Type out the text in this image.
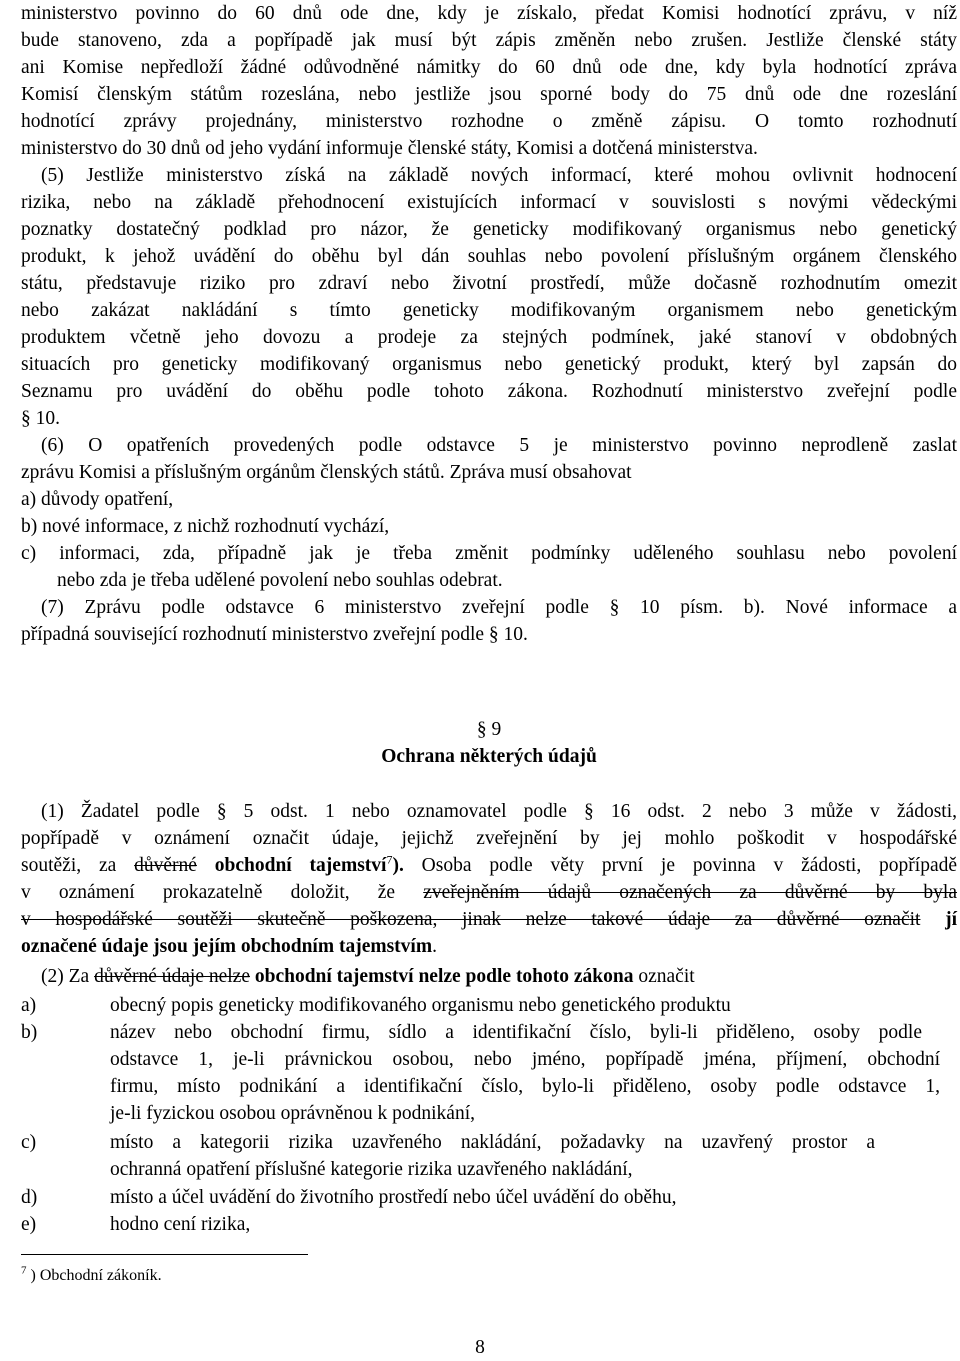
ministerstvo povinno do 60 dnů ode dne, kdy je získalo, předat Komisi hodnotící zprávu, v níž
bude stanoveno, zda a popřípadě jak musí být zápis změněn nebo zrušen. Jestliže členské státy
ani Komise nepředloží žádné odůvodněné námitky do 60 dnů ode dne, kdy byla hodnotící zpráva
Komisí členským státům rozeslána, nebo jestliže jsou sporné body do 75 dnů ode dne rozeslání
hodnotící zprávy projednány, ministerstvo rozhodne o změně zápisu. O tomto rozhodnutí
ministerstvo do 30 dnů od jeho vydání informuje členské státy, Komisi a dotčená ministerstva.
(5) Jestliže ministerstvo získá na základě nových informací, které mohou ovlivnit hodnocení
rizika, nebo na základě přehodnocení existujících informací v souvislosti s novými vědeckými
poznatky dostatečný podklad pro názor, že geneticky modifikovaný organismus nebo genetický
produkt, k jehož uvádění do oběhu byl dán souhlas nebo povolení příslušným orgánem členského
státu, představuje riziko pro zdraví nebo životní prostředí, může dočasně rozhodnutím omezit
nebo zakázat nakládání s tímto geneticky modifikovaným organismem nebo genetickým
produktem včetně jeho dovozu a prodeje za stejných podmínek, jaké stanoví v obdobných
situacích pro geneticky modifikovaný organismus nebo genetický produkt, který byl zapsán do
Seznamu pro uvádění do oběhu podle tohoto zákona. Rozhodnutí ministerstvo zveřejní podle
§ 10.
(6) O opatřeních provedených podle odstavce 5 je ministerstvo povinno neprodleně zaslat
zprávu Komisi a příslušným orgánům členských států. Zpráva musí obsahovat
a) důvody opatření,
b) nové informace, z nichž rozhodnutí vychází,
c) informaci, zda, případně jak je třeba změnit podmínky uděleného souhlasu nebo povolení
nebo zda je třeba udělené povolení nebo souhlas odebrat.
(7) Zprávu podle odstavce 6 ministerstvo zveřejní podle § 10 písm. b). Nové informace a
případná související rozhodnutí ministerstvo zveřejní podle § 10.
§ 9
Ochrana některých údajů
(1) Žadatel podle § 5 odst. 1 nebo oznamovatel podle § 16 odst. 2 nebo 3 může v žádosti,
popřípadě v oznámení označit údaje, jejichž zveřejnění by jej mohlo poškodit v hospodářské
soutěži, za důvěrné obchodní tajemství$^7$). Osoba podle věty první je povinna v žádosti, popřípadě
v oznámení prokazatelně doložit, že zveřejněním údajů označených za důvěrné by byla
v hospodářské soutěži skutečně poškozena, jinak nelze takové údaje za důvěrné označit jí
označené údaje jsou jejím obchodním tajemstvím.
(2) Za důvěrné údaje nelze obchodní tajemství nelze podle tohoto zákona označit
a)	obecný popis geneticky modifikovaného organismu nebo genetického produktu
b)	název nebo obchodní firmu, sídlo a identifikační číslo, byli-li přiděleno, osoby podle
odstavce 1, je-li právnickou osobou, nebo jméno, popřípadě jména, příjmení, obchodní
firmu, místo podnikání a identifikační číslo, bylo-li přiděleno, osoby podle odstavce 1,
je-li fyzickou osobou oprávněnou k podnikání,
c)	místo a kategorii rizika uzavřeného nakládání, požadavky na uzavřený prostor a
ochranná opatření příslušné kategorie rizika uzavřeného nakládání,
d)	místo a účel uvádění do životního prostředí nebo účel uvádění do oběhu,
e)	hodno cení rizika,
$^7$ ) Obchodní zákoník.
8
